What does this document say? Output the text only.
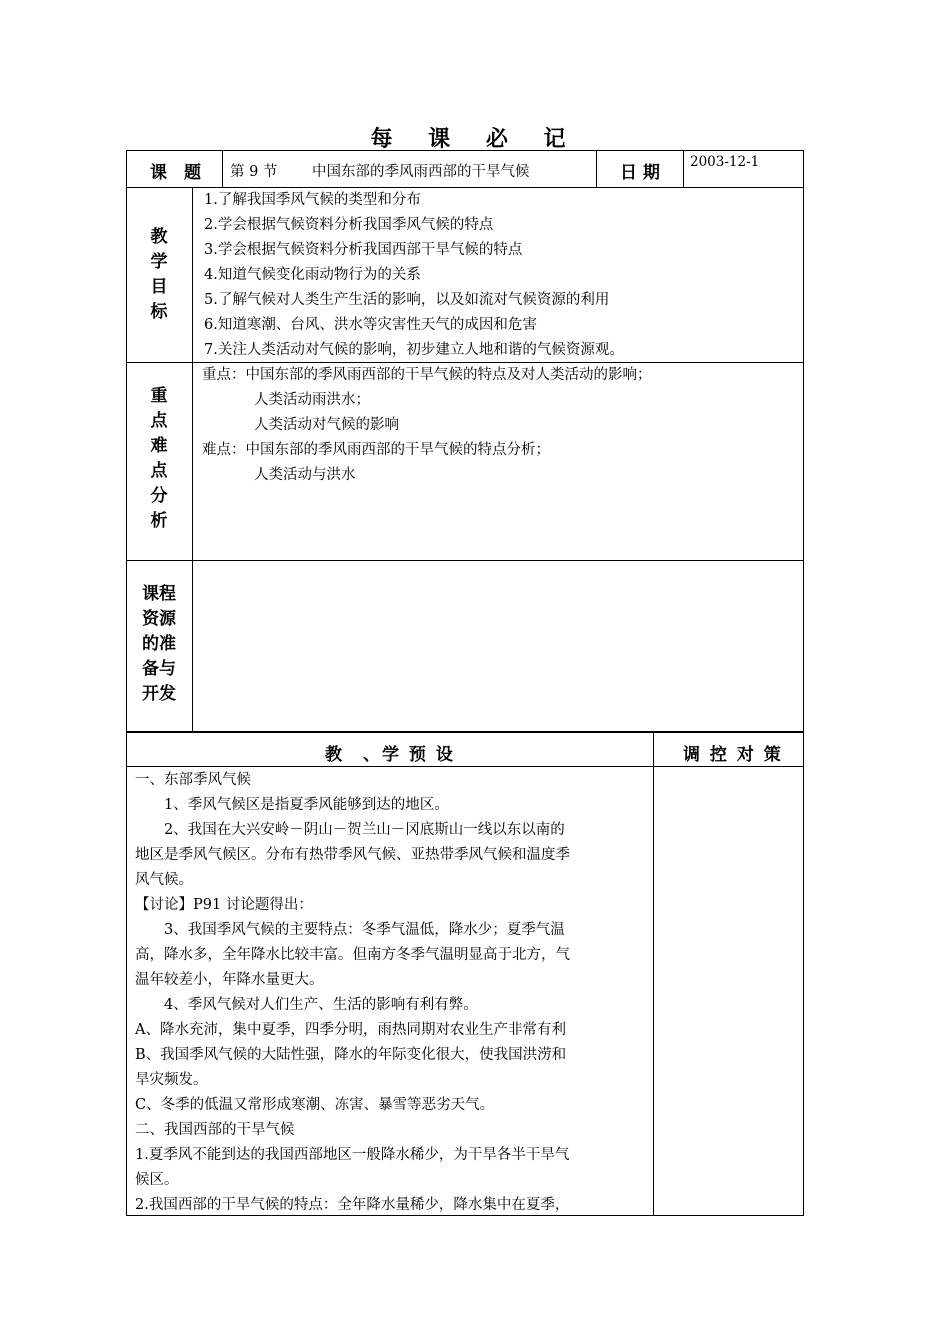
每 课 必 记
课　题 第 9 节 中国东部的季风雨西部的干旱气候	日 期
2003-12-1
教
学
目
标
1.了解我国季风气候的类型和分布
2.学会根据气候资料分析我国季风气候的特点
3.学会根据气候资料分析我国西部干旱气候的特点
4.知道气候变化雨动物行为的关系
5.了解气候对人类生产生活的影响，以及如流对气候资源的利用
6.知道寒潮、台风、洪水等灾害性天气的成因和危害
7.关注人类活动对气候的影响，初步建立人地和谐的气候资源观。
重
点
难
点
分
析
重点：中国东部的季风雨西部的干旱气候的特点及对人类活动的影响；
人类活动雨洪水；
人类活动对气候的影响
难点：中国东部的季风雨西部的干旱气候的特点分析；
人类活动与洪水
课程
资源
的准
备与
开发
教　、学 预 设	调 控 对 策
一、东部季风气候
　　1、季风气候区是指夏季风能够到达的地区。
　　2、我国在大兴安岭－阴山－贺兰山－冈底斯山一线以东以南的
地区是季风气候区。分布有热带季风气候、亚热带季风气候和温度季
风气候。
【讨论】P91 讨论题得出：
　　3、我国季风气候的主要特点：冬季气温低，降水少；夏季气温
高，降水多，全年降水比较丰富。但南方冬季气温明显高于北方，气
温年较差小，年降水量更大。
　　4、季风气候对人们生产、生活的影响有利有弊。
A、降水充沛，集中夏季，四季分明，雨热同期对农业生产非常有利
B、我国季风气候的大陆性强，降水的年际变化很大，使我国洪涝和
旱灾频发。
C、冬季的低温又常形成寒潮、冻害、暴雪等恶劣天气。
二、我国西部的干旱气候
1.夏季风不能到达的我国西部地区一般降水稀少，为干旱各半干旱气
候区。
2.我国西部的干旱气候的特点：全年降水量稀少，降水集中在夏季，
